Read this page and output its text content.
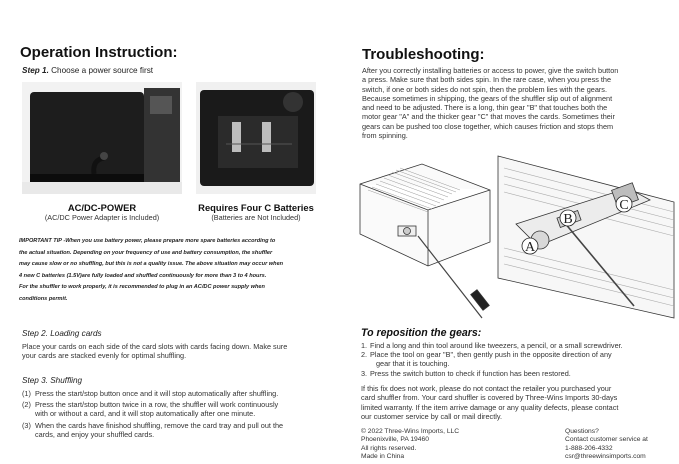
Operation Instruction:
Step 1. Choose a power source first
AC/DC-POWER
(AC/DC Power Adapter is Included)
Requires Four C Batteries
(Batteries are Not Included)
IMPORTANT TIP -When you use battery power, please prepare more spare batteries according to
the actual situation. Depending on your frequency of use and battery consumption, the shuffler
may cause slow or no shuffling, but this is not a quality issue. The above situation may occur when
4 new C batteries (1.5V)are fully loaded and shuffled continuously for more than 3 to 4 hours.
For the shuffler to work properly, it is recommended to plug in an AC/DC power supply when
conditions permit.
Step 2. Loading cards
Place your cards on each side of the card slots with cards facing down. Make sure
your cards are stacked evenly for optimal shuffling.
Step 3. Shuffling
(1) Press the start/stop button once and it will stop automatically after shuffling.
(2) Press the start/stop button twice in a row, the shuffler will work continuously
with or without a card, and it will stop automatically after one minute.
(3) When the cards have finishod shuffling, remove the card tray and pull out the
cards, and enjoy your shuffled cards.
Troubleshooting:
After you correctly installing batteries or access to power, give the switch button
a press. Make sure that both sides spin. In the rare case, when you press the
switch, if one or both sides do not spin, then the problem lies with the gears.
Because sometimes in shipping, the gears of the shuffler slip out of alignment
and need to be adjusted. There is a long, thin gear "B" that touches both the
motor gear "A" and the thicker gear "C" that moves the cards. Sometimes their
gears can be pushed too close together, which causes friction and stops them
from spinning.
A
B
C
To reposition the gears:
1. Find a long and thin tool around like tweezers, a pencil, or a small screwdriver.
2. Place the tool on gear "B", then gently push in the opposite direction of any
gear that it is touching.
3. Press the switch button to check if function has been restored.
If this fix does not work, please do not contact the retailer you purchased your
card shuffler from. Your card shuffler is covered by Three-Wins Imports 30-days
limited warranty. If the item arrive damage or any quality defects, please contact
our customer service by call or mail directly.
© 2022 Three-Wins Imports, LLC
Phoenixville, PA 19460
All rights reserved.
Made in China
Questions?
Contact customer service at
1-888-206-4332
csr@threewinsimports.com
